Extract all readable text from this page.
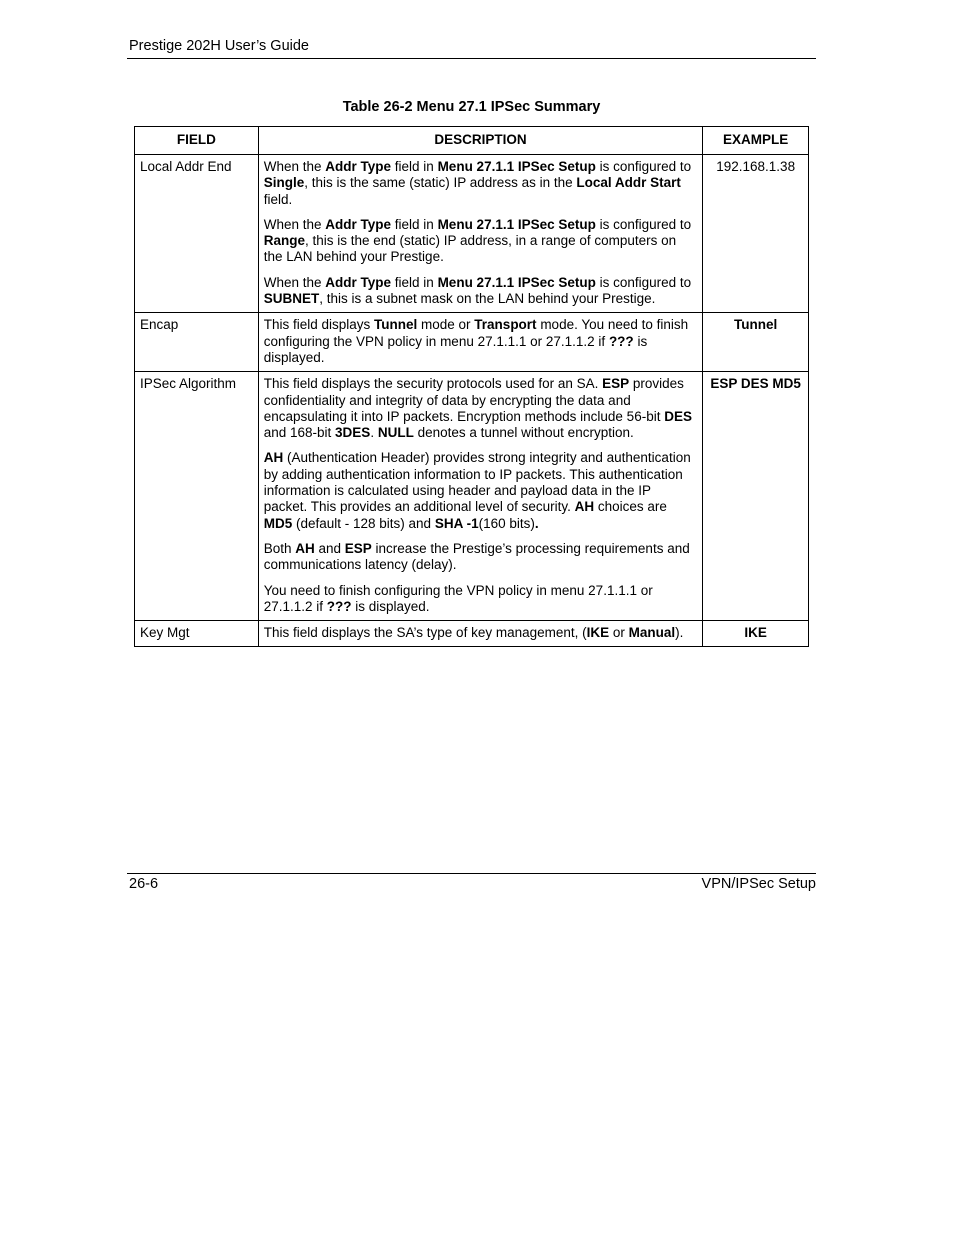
Prestige 202H User’s Guide
Table 26-2 Menu 27.1 IPSec Summary
FIELD	DESCRIPTION	EXAMPLE
Local Addr End	When the Addr Type field in Menu 27.1.1 IPSec Setup is configured to Single, this is the same (static) IP address as in the Local Addr Start field.

When the Addr Type field in Menu 27.1.1 IPSec Setup is configured to Range, this is the end (static) IP address, in a range of computers on the LAN behind your Prestige.

When the Addr Type field in Menu 27.1.1 IPSec Setup is configured to SUBNET, this is a subnet mask on the LAN behind your Prestige.	192.168.1.38
Encap	This field displays Tunnel mode or Transport mode. You need to finish configuring the VPN policy in menu 27.1.1.1 or 27.1.1.2 if ??? is displayed.	Tunnel
IPSec Algorithm	This field displays the security protocols used for an SA. ESP provides confidentiality and integrity of data by encrypting the data and encapsulating it into IP packets. Encryption methods include 56-bit DES and 168-bit 3DES. NULL denotes a tunnel without encryption.

AH (Authentication Header) provides strong integrity and authentication by adding authentication information to IP packets. This authentication information is calculated using header and payload data in the IP packet. This provides an additional level of security. AH choices are MD5 (default - 128 bits) and SHA -1(160 bits).

Both AH and ESP increase the Prestige’s processing requirements and communications latency (delay).

You need to finish configuring the VPN policy in menu 27.1.1.1 or 27.1.1.2 if ??? is displayed.	ESP DES MD5
Key Mgt	This field displays the SA’s type of key management, (IKE or Manual).	IKE
26-6	VPN/IPSec Setup
